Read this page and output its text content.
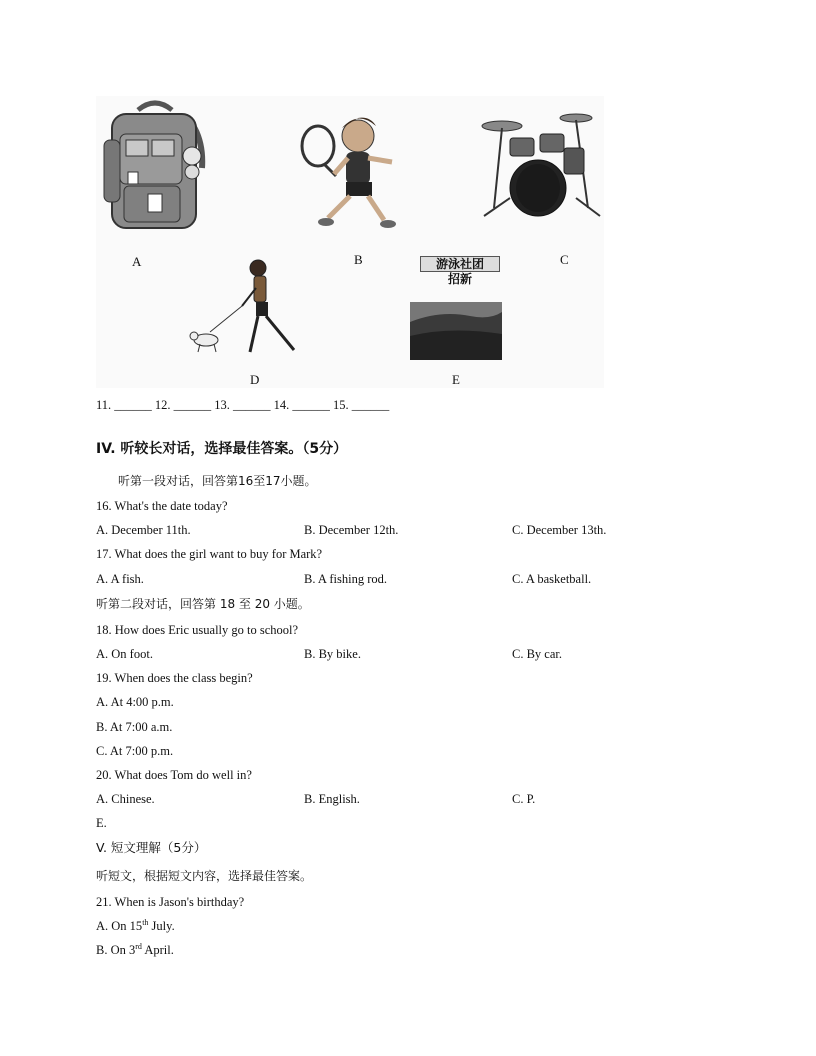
A	B	C
D
游泳社团
招新
E
11. ______ 12. ______ 13. ______ 14. ______ 15. ______
IV. 听较长对话，选择最佳答案。（5分）
听第一段对话，回答第16至17小题。
16. What's the date today?
A. December 11th.	B. December 12th.	C. December 13th.
17. What does the girl want to buy for Mark?
A. A fish.	B. A fishing rod.	C. A basketball.
听第二段对话，回答第 18 至 20 小题。
18. How does Eric usually go to school?
A. On foot.	B. By bike.	C. By car.
19. When does the class begin?
A. At 4:00 p.m.
B. At 7:00 a.m.
C. At 7:00 p.m.
20. What does Tom do well in?
A. Chinese.	B. English.	C. P.
E.
V. 短文理解（5分）
听短文，根据短文内容，选择最佳答案。
21. When is Jason's birthday?
A. On 15th July.
B. On 3rd April.
